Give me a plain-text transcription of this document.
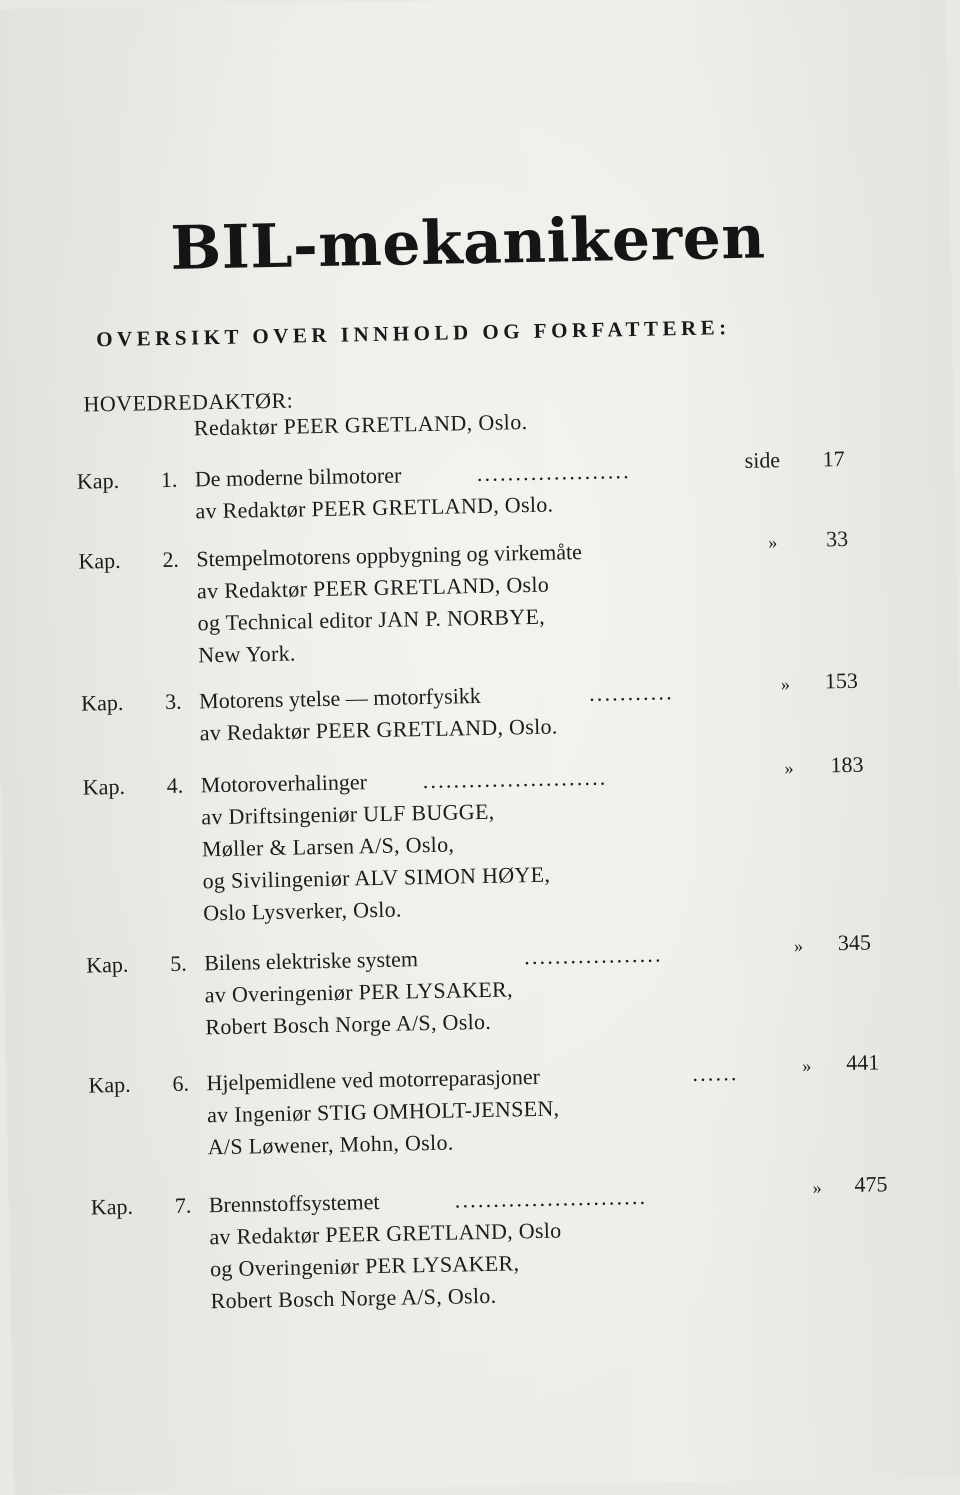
BIL-mekanikeren
OVERSIKT OVER INNHOLD OG FORFATTERE:
HOVEDREDAKTØR:
Redaktør PEER GRETLAND, Oslo.
Kap. 1. De moderne bilmotorer	....................	side 17
av Redaktør PEER GRETLAND, Oslo.
Kap. 2. Stempelmotorens oppbygning og virkemåte	» 33
av Redaktør PEER GRETLAND, Oslo
og Technical editor JAN P. NORBYE,
New York.
Kap. 3. Motorens ytelse — motorfysikk	...........	» 153
av Redaktør PEER GRETLAND, Oslo.
Kap. 4. Motoroverhalinger	........................	» 183
av Driftsingeniør ULF BUGGE,
Møller & Larsen A/S, Oslo,
og Sivilingeniør ALV SIMON HØYE,
Oslo Lysverker, Oslo.
Kap. 5. Bilens elektriske system	..................	» 345
av Overingeniør PER LYSAKER,
Robert Bosch Norge A/S, Oslo.
Kap. 6. Hjelpemidlene ved motorreparasjoner	......	» 441
av Ingeniør STIG OMHOLT-JENSEN,
A/S Løwener, Mohn, Oslo.
Kap. 7. Brennstoffsystemet	.........................	» 475
av Redaktør PEER GRETLAND, Oslo
og Overingeniør PER LYSAKER,
Robert Bosch Norge A/S, Oslo.
